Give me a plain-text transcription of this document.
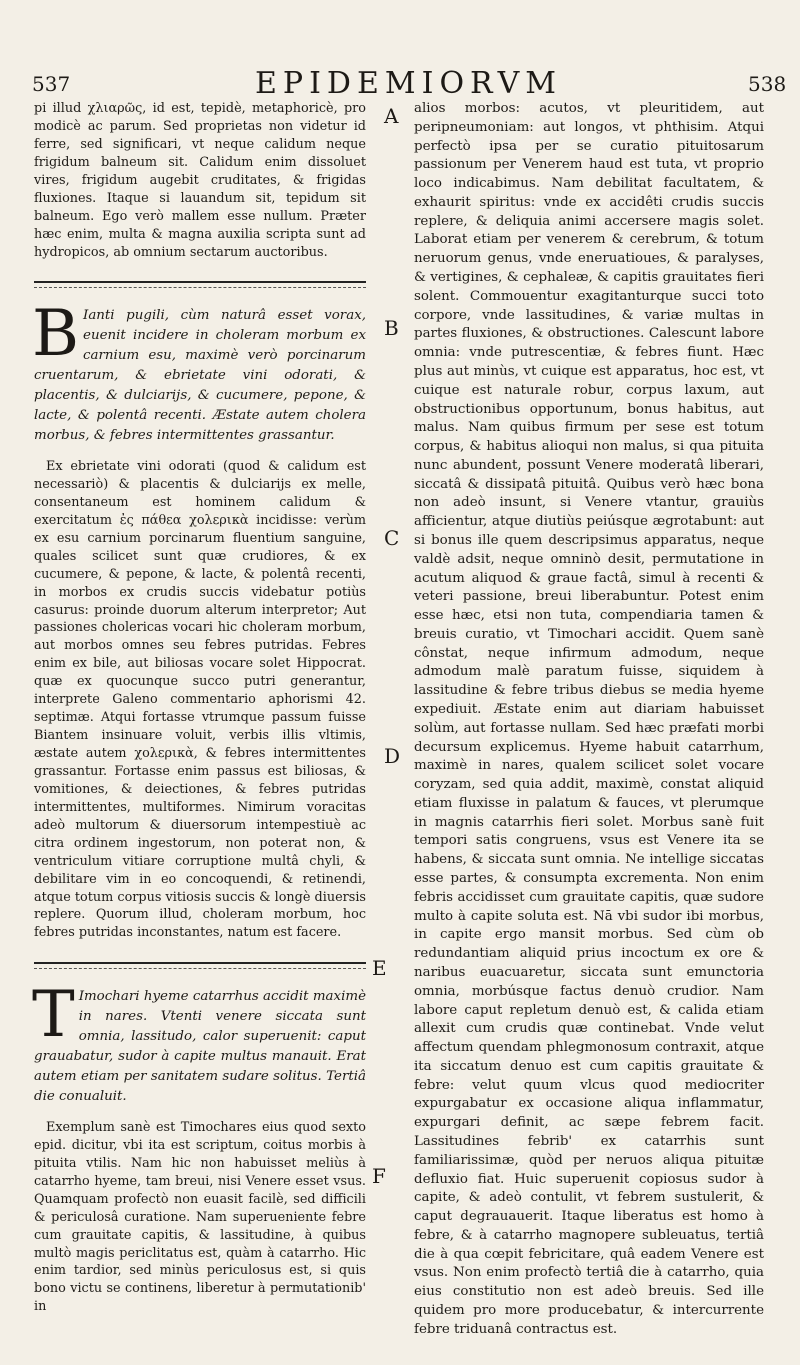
537	EPIDEMIORVM	538
A
B
C
D
E
F

pi illud χλιαρῶς, id est, tepidè, metaphoricè, pro modicè ac parum. Sed proprietas non videtur id ferre, sed significari, vt neque calidum neque frigidum balneum sit. Calidum enim dissoluet vires, frigidum augebit cruditates, & frigidas fluxiones. Itaque si lauandum sit, tepidum sit balneum. Ego verò mallem esse nullum. Præter hæc enim, multa & magna auxilia scripta sunt ad hydropicos, ab omnium sectarum auctoribus.

B Ianti pugili, cùm naturâ esset vorax, euenit incidere in choleram morbum ex carnium esu, maximè verò porcinarum cruentarum, & ebrietate vini odorati, & placentis, & dulciarijs, & cucumere, pepone, & lacte, & polentâ recenti. Æstate autem cholera morbus, & febres intermittentes grassantur.

Ex ebrietate vini odorati (quod & calidum est necessariò) & placentis & dulciarijs ex melle, consentaneum est hominem calidum & exercitatum ἐς πάθεα χολερικὰ incidisse: verùm ex esu carnium porcinarum fluentium sanguine, quales scilicet sunt quæ crudiores, & ex cucumere, & pepone, & lacte, & polentâ recenti, in morbos ex crudis succis videbatur potiùs casurus: proinde duorum alterum interpretor; Aut passiones cholericas vocari hic choleram morbum, aut morbos omnes seu febres putridas. Febres enim ex bile, aut biliosas vocare solet Hippocrat. quæ ex quocunque succo putri generantur, interprete Galeno commentario aphorismi 42. septimæ. Atqui fortasse vtrumque passum fuisse Biantem insinuare voluit, verbis illis vltimis, æstate autem χολερικὰ, & febres intermittentes grassantur. Fortasse enim passus est biliosas, & vomitiones, & deiectiones, & febres putridas intermittentes, multiformes. Nimirum voracitas adeò multorum & diuersorum intempestiuè ac citra ordinem ingestorum, non poterat non, & ventriculum vitiare corruptione multâ chyli, & debilitare vim in eo concoquendi, & retinendi, atque totum corpus vitiosis succis & longè diuersis replere. Quorum illud, choleram morbum, hoc febres putridas inconstantes, natum est facere.

T Imochari hyeme catarrhus accidit maximè in nares. Vtenti venere siccata sunt omnia, lassitudo, calor superuenit: caput grauabatur, sudor à capite multus manauit. Erat autem etiam per sanitatem sudare solitus. Tertiâ die conualuit.

Exemplum sanè est Timochares eius quod sexto epid. dicitur, vbi ita est scriptum, coitus morbis à pituita vtilis. Nam hic non habuisset meliùs à catarrho hyeme, tam breui, nisi Venere esset vsus. Quamquam profectò non euasit facilè, sed difficili & periculosâ curatione. Nam superueniente febre cum grauitate capitis, & lassitudine, à quibus multò magis periclitatus est, quàm à catarrho. Hic enim tardior, sed minùs periculosus est, si quis bono victu se continens, liberetur à permutationib' in

alios morbos: acutos, vt pleuritidem, aut peripneumoniam: aut longos, vt phthisim. Atqui perfectò ipsa per se curatio pituitosarum passionum per Venerem haud est tuta, vt proprio loco indicabimus. Nam debilitat facultatem, & exhaurit spiritus: vnde ex accidêti crudis succis replere, & deliquia animi accersere magis solet. Laborat etiam per venerem & cerebrum, & totum neruorum genus, vnde eneruatioues, & paralyses, & vertigines, & cephaleæ, & capitis grauitates fieri solent. Commouentur exagitanturque succi toto corpore, vnde lassitudines, & variæ multas in partes fluxiones, & obstructiones. Calescunt labore omnia: vnde putrescentiæ, & febres fiunt. Hæc plus aut minùs, vt cuique est apparatus, hoc est, vt cuique est naturale robur, corpus laxum, aut obstructionibus opportunum, bonus habitus, aut malus. Nam quibus firmum per sese est totum corpus, & habitus alioqui non malus, si qua pituita nunc abundent, possunt Venere moderatâ liberari, siccatâ & dissipatâ pituitâ. Quibus verò hæc bona non adeò insunt, si Venere vtantur, grauiùs afficientur, atque diutiùs peiúsque ægrotabunt: aut si bonus ille quem descripsimus apparatus, neque valdè adsit, neque omninò desit, permutatione in acutum aliquod & graue factâ, simul à recenti & veteri passione, breui liberabuntur. Potest enim esse hæc, etsi non tuta, compendiaria tamen & breuis curatio, vt Timochari accidit. Quem sanè cônstat, neque infirmum admodum, neque admodum malè paratum fuisse, siquidem à lassitudine & febre tribus diebus se media hyeme expediuit. Æstate enim aut diariam habuisset solùm, aut fortasse nullam. Sed hæc præfati morbi decursum explicemus. Hyeme habuit catarrhum, maximè in nares, qualem scilicet solet vocare coryzam, sed quia addit, maximè, constat aliquid etiam fluxisse in palatum & fauces, vt plerumque in magnis catarrhis fieri solet. Morbus sanè fuit tempori satis congruens, vsus est Venere ita se habens, & siccata sunt omnia. Ne intellige siccatas esse partes, & consumpta excrementa. Non enim febris accidisset cum grauitate capitis, quæ sudore multo à capite soluta est. Nā vbi sudor ibi morbus, in capite ergo mansit morbus. Sed cùm ob redundantiam aliquid prius incoctum ex ore & naribus euacuaretur, siccata sunt emunctoria omnia, morbúsque factus denuò crudior. Nam labore caput repletum denuò est, & calida etiam allexit cum crudis quæ continebat. Vnde velut affectum quendam phlegmonosum contraxit, atque ita siccatum denuo est cum capitis grauitate & febre: velut quum vlcus quod mediocriter expurgabatur ex occasione aliqua inflammatur, expurgari definit, ac sæpe febrem facit. Lassitudines febrib' ex catarrhis sunt familiarissimæ, quòd per neruos aliqua pituitæ defluxio fiat. Huic superuenit copiosus sudor à capite, & adeò contulit, vt febrem sustulerit, & caput degrauauerit. Itaque liberatus est homo à febre, & à catarrho magnopere subleuatus, tertiâ die à qua cœpit febricitare, quâ eadem Venere est vsus. Non enim profectò tertiâ die à catarrho, quia eius constitutio non est adeò breuis. Sed ille quidem pro more producebatur, & intercurrente febre triduanâ contractus est.
